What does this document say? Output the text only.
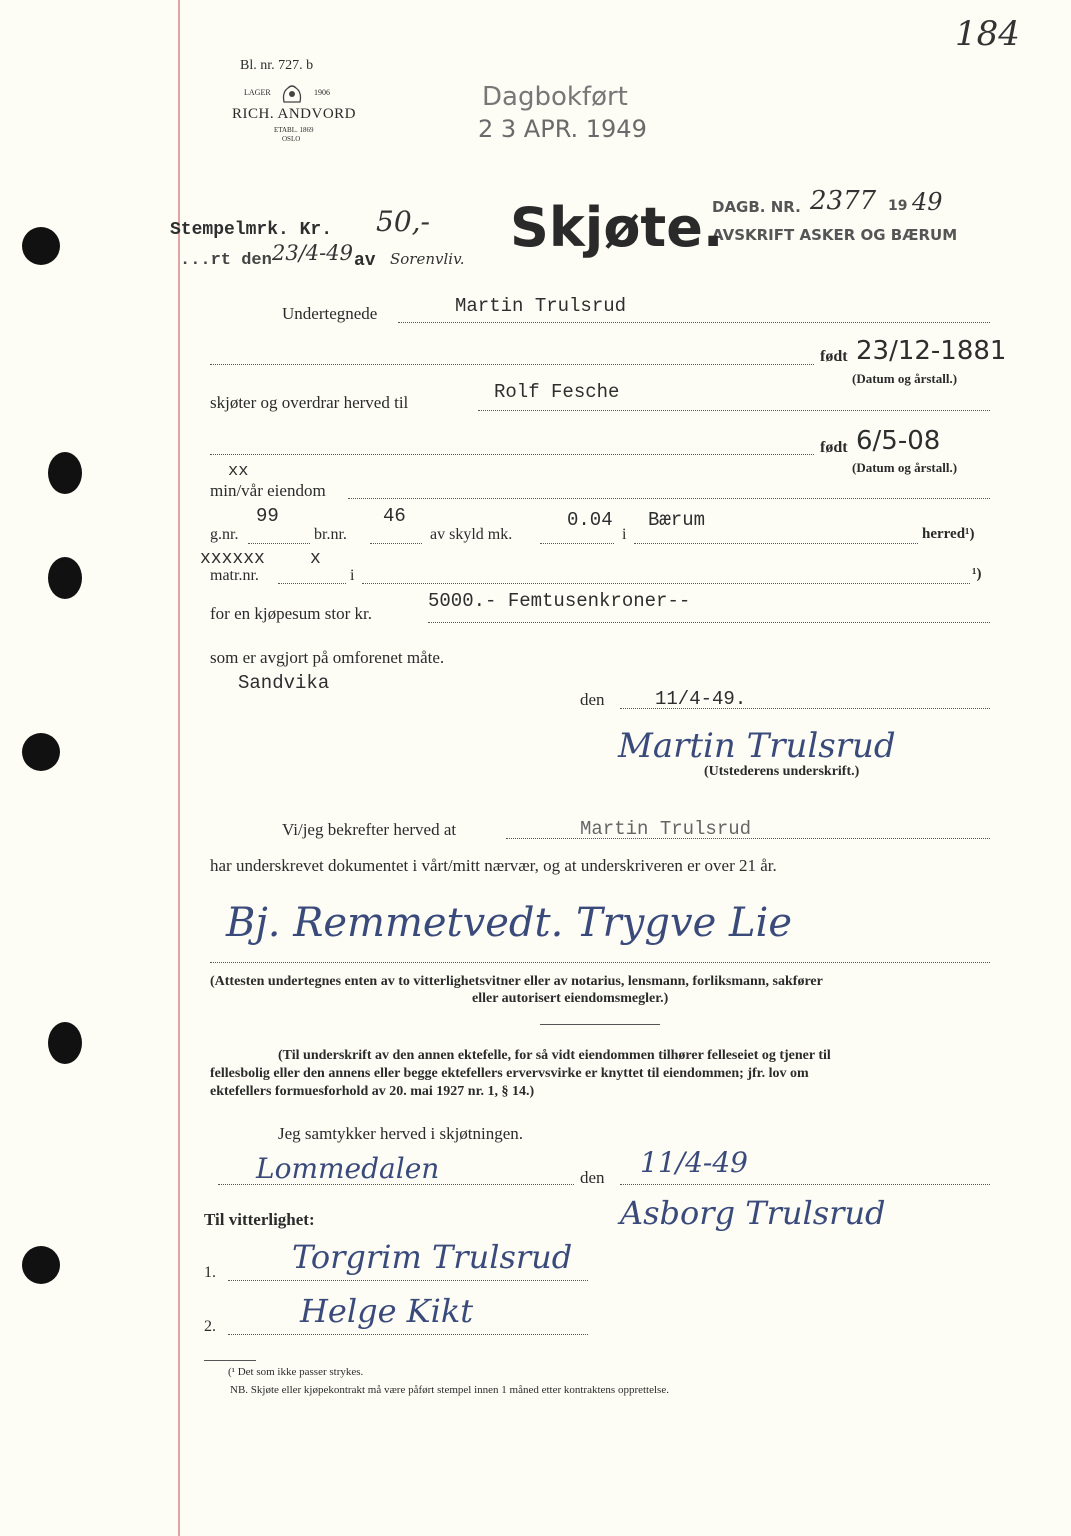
Bl. nr. 727. b
LAGER	1906
RICH. ANDVORD
ETABL. 1869
OSLO
184
Dagbokført
2 3 APR. 1949
DAGB. NR. 2377 19 49
AVSKRIFT ASKER OG BÆRUM
Stempelmrk. Kr. 50,-
...rt den 23/4-49 av Sorenvliv. Skjøte.
Undertegnede	Martin Trulsrud
født 23/12-1881
(Datum og årstall.)
skjøter og overdrar herved til	Rolf Fesche
født 6/5-08
(Datum og årstall.)
xx
min/vår eiendom
g.nr.
99
br.nr.
46
av skyld mk.
0.04
i
Bærum
herred¹)
xxxxxx	x
matr.nr.	i	¹)
for en kjøpesum stor kr.
5000.- Femtusenkroner--
som er avgjort på omforenet måte.
Sandvika
den	11/4-49.
Martin Trulsrud
(Utstederens underskrift.)
Vi/jeg bekrefter herved at	Martin Trulsrud
har underskrevet dokumentet i vårt/mitt nærvær, og at underskriveren er over 21 år.
Bj. Remmetvedt. Trygve Lie
(Attesten undertegnes enten av to vitterlighetsvitner eller av notarius, lensmann, forliksmann, sakfører
eller autorisert eiendomsmegler.)
(Til underskrift av den annen ektefelle, for så vidt eiendommen tilhører felleseiet og tjener til
fellesbolig eller den annens eller begge ektefellers ervervsvirke er knyttet til eiendommen; jfr. lov om
ektefellers formuesforhold av 20. mai 1927 nr. 1, § 14.)
Jeg samtykker herved i skjøtningen.
Lommedalen	den 11/4-49
Asborg Trulsrud
Til vitterlighet:
1. Torgrim Trulsrud
2.	Helge Kikt
(¹ Det som ikke passer strykes.
NB. Skjøte eller kjøpekontrakt må være påført stempel innen 1 måned etter kontraktens opprettelse.
